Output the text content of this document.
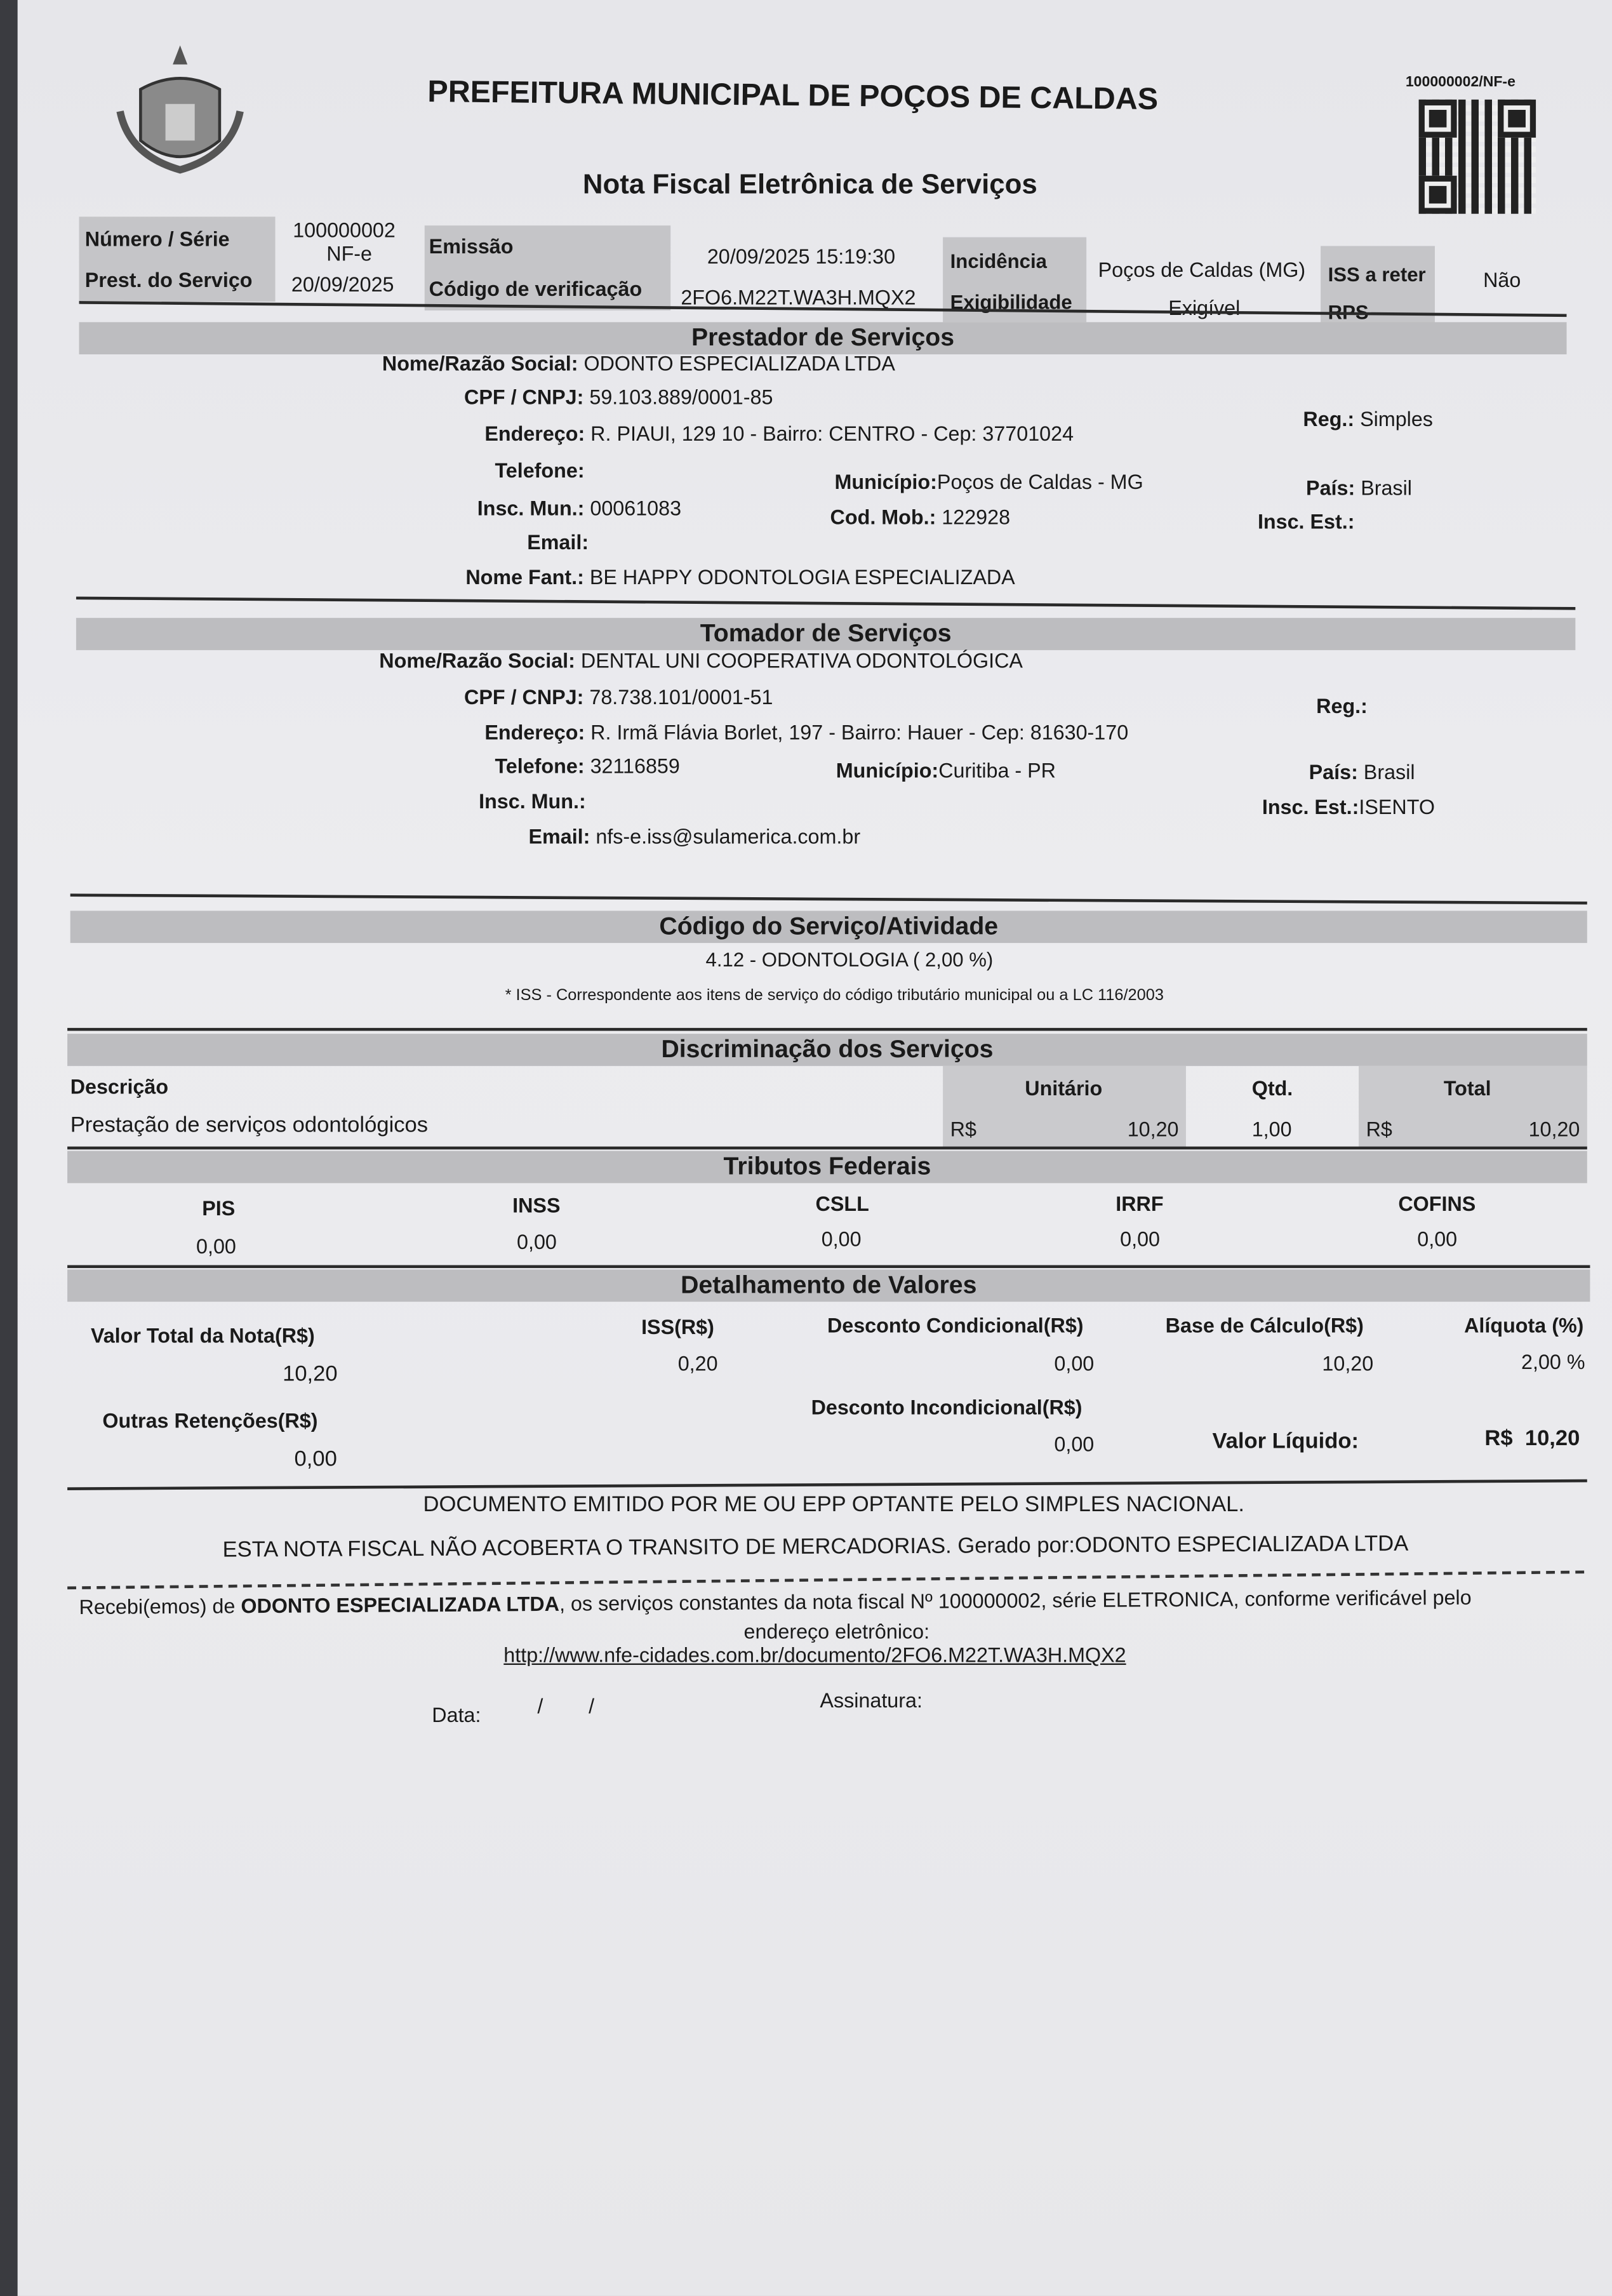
PREFEITURA MUNICIPAL DE POÇOS DE CALDAS
Nota Fiscal Eletrônica de Serviços
100000002/NF-e
Número / Série	100000002
NF-e
Prest. do Serviço	20/09/2025
Emissão	20/09/2025 15:19:30
Código de verificação	2FO6.M22T.WA3H.MQX2
Incidência	Poços de Caldas (MG)
Exigibilidade	Exigível
ISS a reter	Não
Prestador de Serviços
Nome/Razão Social: ODONTO ESPECIALIZADA LTDA
CPF / CNPJ: 59.103.889/0001-85
Reg.: Simples
Endereço: R. PIAUI, 129 10 - Bairro: CENTRO - Cep: 37701024
Telefone:	Município:Poços de Caldas - MG	País: Brasil
Insc. Mun.: 00061083	Cod. Mob.: 122928	Insc. Est.:
Email:
Nome Fant.: BE HAPPY ODONTOLOGIA ESPECIALIZADA
Tomador de Serviços
Nome/Razão Social: DENTAL UNI COOPERATIVA ODONTOLÓGICA
CPF / CNPJ: 78.738.101/0001-51	Reg.:
Endereço: R. Irmã Flávia Borlet, 197 - Bairro: Hauer - Cep: 81630-170
Telefone: 32116859	Município:Curitiba - PR	País: Brasil
Insc. Mun.:	Insc. Est.:ISENTO
Email: nfs-e.iss@sulamerica.com.br
Código do Serviço/Atividade
4.12 - ODONTOLOGIA ( 2,00 %)
* ISS - Correspondente aos itens de serviço do código tributário municipal ou a LC 116/2003
Discriminação dos Serviços
Descrição	Unitário	Qtd.	Total
Prestação de serviços odontológicos	R$	10,20	1,00	R$	10,20
Tributos Federais
PIS
0,00
INSS
0,00
CSLL
0,00
IRRF
0,00
COFINS
0,00
Detalhamento de Valores
Valor Total da Nota(R$)
10,20
ISS(R$)
0,20
Desconto Condicional(R$)
0,00
Base de Cálculo(R$)
10,20
Alíquota (%)
2,00 %
Outras Retenções(R$)
0,00
Desconto Incondicional(R$)
0,00	Valor Líquido:	R$  10,20
DOCUMENTO EMITIDO POR ME OU EPP OPTANTE PELO SIMPLES NACIONAL.
ESTA NOTA FISCAL NÃO ACOBERTA O TRANSITO DE MERCADORIAS. Gerado por:ODONTO ESPECIALIZADA LTDA
Recebi(emos) de ODONTO ESPECIALIZADA LTDA, os serviços constantes da nota fiscal Nº 100000002, série ELETRONICA, conforme verificável pelo
endereço eletrônico:
http://www.nfe-cidades.com.br/documento/2FO6.M22T.WA3H.MQX2
Data:	/        /	Assinatura:
